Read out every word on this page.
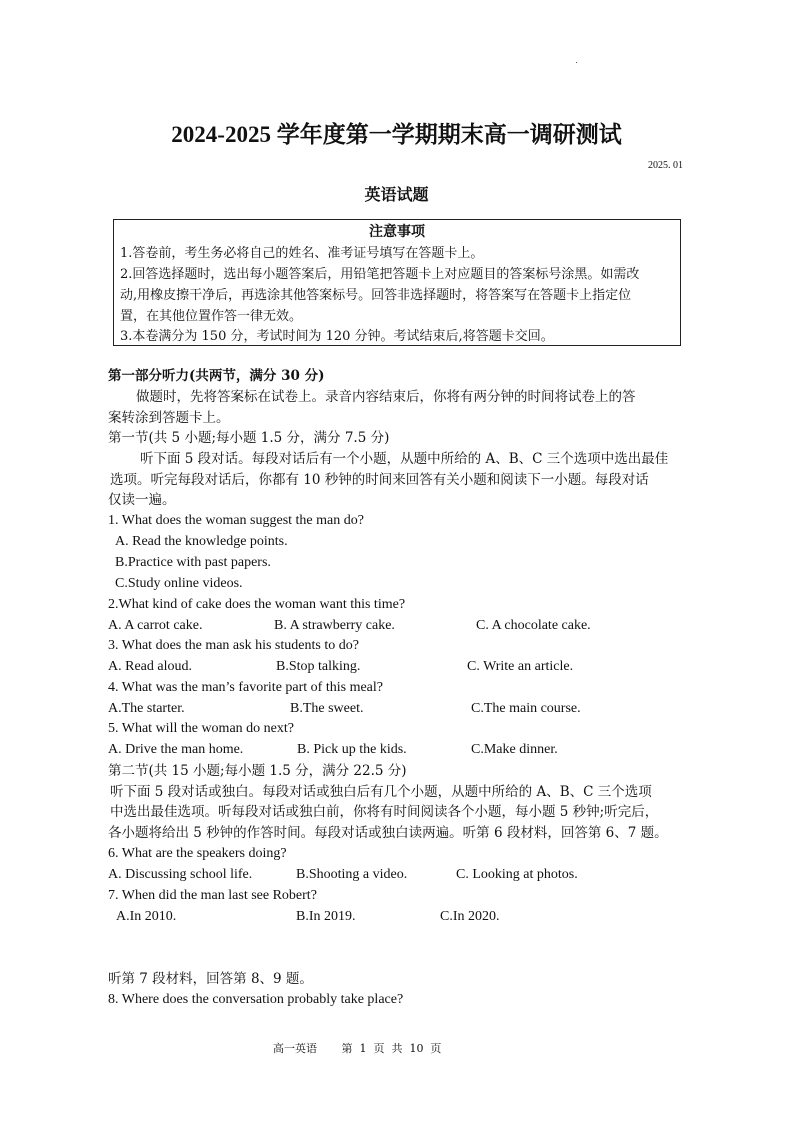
2024-2025 学年度第一学期期末高一调研测试
2025. 01
英语试题
注意事项
1.答卷前，考生务必将自己的姓名、准考证号填写在答题卡上。
2.回答选择题时，选出每小题答案后，用铅笔把答题卡上对应题目的答案标号涂黑。如需改
动,用橡皮擦干净后，再选涂其他答案标号。回答非选择题时，将答案写在答题卡上指定位
置，在其他位置作答一律无效。
3.本卷满分为 150 分，考试时间为 120 分钟。考试结束后,将答题卡交回。
第一部分听力(共两节，满分 30 分)
做题时，先将答案标在试卷上。录音内容结束后，你将有两分钟的时间将试卷上的答
案转涂到答题卡上。
第一节(共 5 小题;每小题 1.5 分，满分 7.5 分)
听下面 5 段对话。每段对话后有一个小题，从题中所给的 A、B、C 三个选项中选出最佳
选项。听完每段对话后，你都有 10 秒钟的时间来回答有关小题和阅读下一小题。每段对话
仅读一遍。
1. What does the woman suggest the man do?
A. Read the knowledge points.
B.Practice with past papers.
C.Study online videos.
2.What kind of cake does the woman want this time?
A. A carrot cake.	B. A strawberry cake.	C. A chocolate cake.
3. What does the man ask his students to do?
A. Read aloud.	B.Stop talking.	C. Write an article.
4. What was the man’s favorite part of this meal?
A.The starter.	B.The sweet.	C.The main course.
5. What will the woman do next?
A. Drive the man home.	B. Pick up the kids.	C.Make dinner.
第二节(共 15 小题;每小题 1.5 分，满分 22.5 分)
听下面 5 段对话或独白。每段对话或独白后有几个小题，从题中所给的 A、B、C 三个选项
中选出最佳选项。听每段对话或独白前，你将有时间阅读各个小题，每小题 5 秒钟;听完后，
各小题将给出 5 秒钟的作答时间。每段对话或独白读两遍。听第 6 段材料，回答第 6、7 题。
6. What are the speakers doing?
A. Discussing school life.	B.Shooting a video.	C. Looking at photos.
7. When did the man last see Robert?
A.In 2010.	B.In 2019.	C.In 2020.
听第 7 段材料，回答第 8、9 题。
8. Where does the conversation probably take place?
高一英语       第  1  页  共  10  页
